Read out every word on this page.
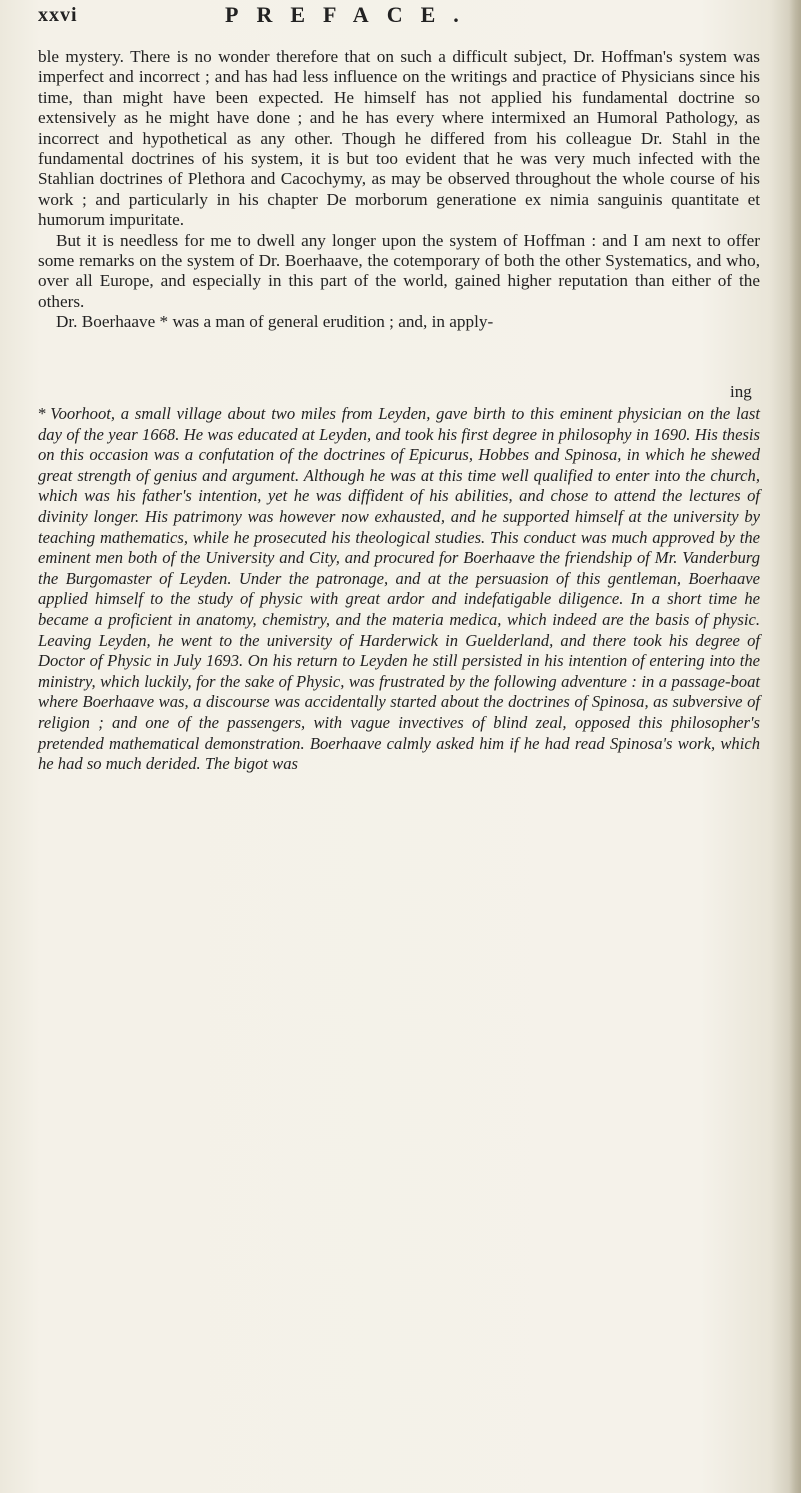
xxvi	PREFACE.

ble mystery. There is no wonder therefore that on such a difficult subject, Dr. Hoffman's system was imperfect and incorrect ; and has had less influence on the writings and practice of Physicians since his time, than might have been expected. He himself has not applied his fundamental doctrine so extensively as he might have done ; and he has every where intermixed an Humoral Pathology, as incorrect and hypothetical as any other. Though he differed from his colleague Dr. Stahl in the fundamental doctrines of his system, it is but too evident that he was very much infected with the Stahlian doctrines of Plethora and Cacochymy, as may be observed throughout the whole course of his work ; and particularly in his chapter De morborum generatione ex nimia sanguinis quantitate et humorum impuritate.

But it is needless for me to dwell any longer upon the system of Hoffman : and I am next to offer some remarks on the system of Dr. Boerhaave, the cotemporary of both the other Systematics, and who, over all Europe, and especially in this part of the world, gained higher reputation than either of the others.

Dr. Boerhaave * was a man of general erudition ; and, in apply-

ing
* Voorhoot, a small village about two miles from Leyden, gave birth to this eminent physician on the last day of the year 1668. He was educated at Leyden, and took his first degree in philosophy in 1690. His thesis on this occasion was a confutation of the doctrines of Epicurus, Hobbes and Spinosa, in which he shewed great strength of genius and argument. Although he was at this time well qualified to enter into the church, which was his father's intention, yet he was diffident of his abilities, and chose to attend the lectures of divinity longer. His patrimony was however now exhausted, and he supported himself at the university by teaching mathematics, while he prosecuted his theological studies. This conduct was much approved by the eminent men both of the University and City, and procured for Boerhaave the friendship of Mr. Vanderburg the Burgomaster of Leyden. Under the patronage, and at the persuasion of this gentleman, Boerhaave applied himself to the study of physic with great ardor and indefatigable diligence. In a short time he became a proficient in anatomy, chemistry, and the materia medica, which indeed are the basis of physic. Leaving Leyden, he went to the university of Harderwick in Guelderland, and there took his degree of Doctor of Physic in July 1693. On his return to Leyden he still persisted in his intention of entering into the ministry, which luckily, for the sake of Physic, was frustrated by the following adventure : in a passage-boat where Boerhaave was, a discourse was accidentally started about the doctrines of Spinosa, as subversive of religion ; and one of the passengers, with vague invectives of blind zeal, opposed this philosopher's pretended mathematical demonstration. Boerhaave calmly asked him if he had read Spinosa's work, which he had so much derided. The bigot was
